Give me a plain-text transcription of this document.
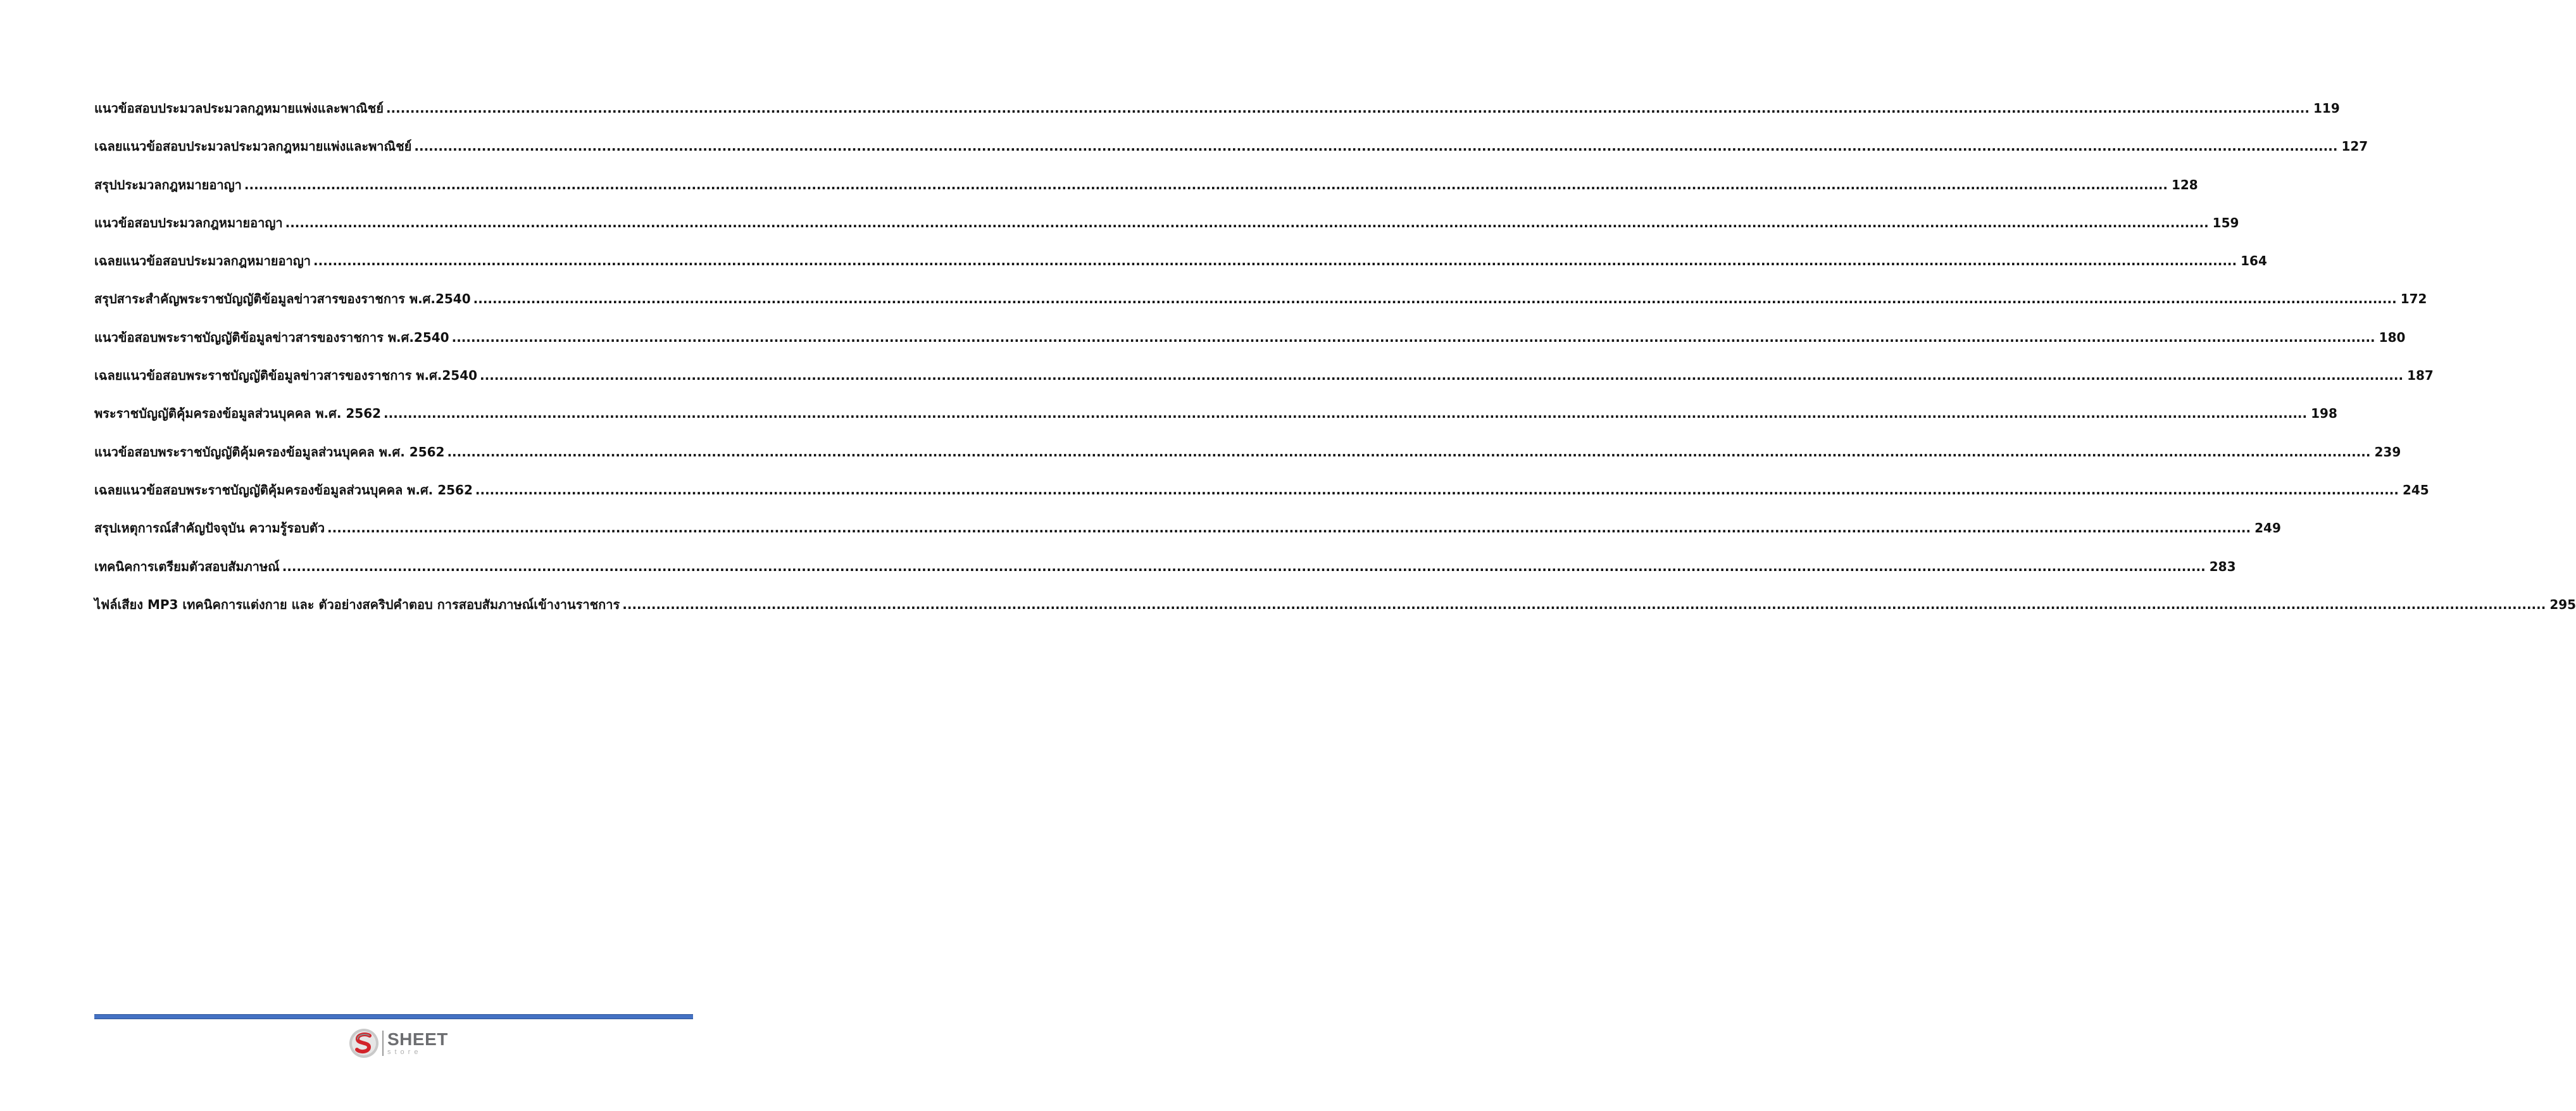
แนวข้อสอบประมวลประมวลกฎหมายแพ่งและพาณิชย์ ................................................................................................................................................................................................................................................................................................................................................................................................................ 119
เฉลยแนวข้อสอบประมวลประมวลกฎหมายแพ่งและพาณิชย์ ................................................................................................................................................................................................................................................................................................................................................................................................................ 127
สรุปประมวลกฎหมายอาญา ................................................................................................................................................................................................................................................................................................................................................................................................................ 128
แนวข้อสอบประมวลกฎหมายอาญา ................................................................................................................................................................................................................................................................................................................................................................................................................ 159
เฉลยแนวข้อสอบประมวลกฎหมายอาญา ................................................................................................................................................................................................................................................................................................................................................................................................................ 164
สรุปสาระสำคัญพระราชบัญญัติข้อมูลข่าวสารของราชการ พ.ศ.2540 ................................................................................................................................................................................................................................................................................................................................................................................................................ 172
แนวข้อสอบพระราชบัญญัติข้อมูลข่าวสารของราชการ พ.ศ.2540 ................................................................................................................................................................................................................................................................................................................................................................................................................ 180
เฉลยแนวข้อสอบพระราชบัญญัติข้อมูลข่าวสารของราชการ พ.ศ.2540 ................................................................................................................................................................................................................................................................................................................................................................................................................ 187
พระราชบัญญัติคุ้มครองข้อมูลส่วนบุคคล พ.ศ. 2562 ................................................................................................................................................................................................................................................................................................................................................................................................................ 198
แนวข้อสอบพระราชบัญญัติคุ้มครองข้อมูลส่วนบุคคล พ.ศ. 2562 ................................................................................................................................................................................................................................................................................................................................................................................................................ 239
เฉลยแนวข้อสอบพระราชบัญญัติคุ้มครองข้อมูลส่วนบุคคล พ.ศ. 2562 ................................................................................................................................................................................................................................................................................................................................................................................................................ 245
สรุปเหตุการณ์สำคัญปัจจุบัน ความรู้รอบตัว ................................................................................................................................................................................................................................................................................................................................................................................................................ 249
เทคนิคการเตรียมตัวสอบสัมภาษณ์ ................................................................................................................................................................................................................................................................................................................................................................................................................ 283
ไฟล์เสียง MP3 เทคนิคการแต่งกาย และ ตัวอย่างสคริปคำตอบ การสอบสัมภาษณ์เข้างานราชการ ................................................................................................................................................................................................................................................................................................................................................................................................................ 295
SHEET
store
